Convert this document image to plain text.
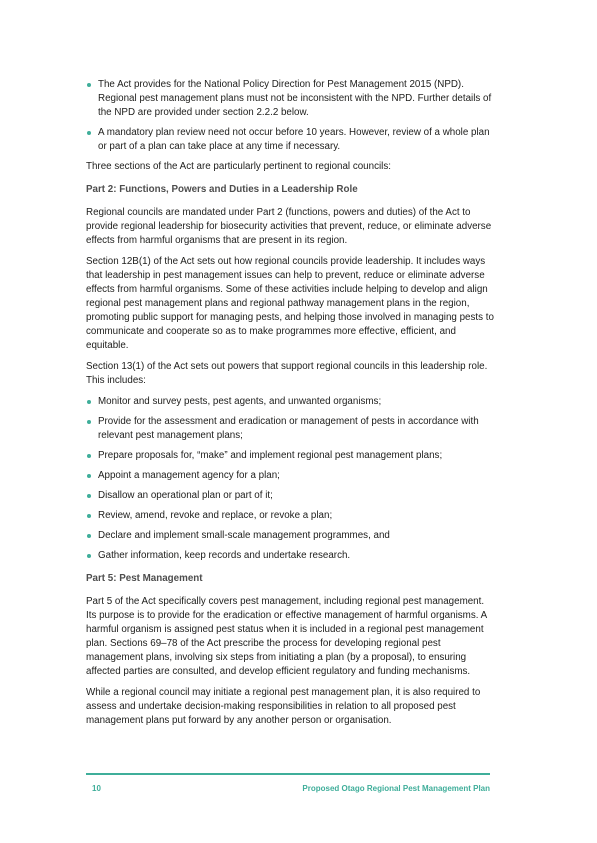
The Act provides for the National Policy Direction for Pest Management 2015 (NPD). Regional pest management plans must not be inconsistent with the NPD. Further details of the NPD are provided under section 2.2.2 below.
A mandatory plan review need not occur before 10 years. However, review of a whole plan or part of a plan can take place at any time if necessary.

Three sections of the Act are particularly pertinent to regional councils:

Part 2: Functions, Powers and Duties in a Leadership Role

Regional councils are mandated under Part 2 (functions, powers and duties) of the Act to provide regional leadership for biosecurity activities that prevent, reduce, or eliminate adverse effects from harmful organisms that are present in its region.

Section 12B(1) of the Act sets out how regional councils provide leadership. It includes ways that leadership in pest management issues can help to prevent, reduce or eliminate adverse effects from harmful organisms. Some of these activities include helping to develop and align regional pest management plans and regional pathway management plans in the region, promoting public support for managing pests, and helping those involved in managing pests to communicate and cooperate so as to make programmes more effective, efficient, and equitable.

Section 13(1) of the Act sets out powers that support regional councils in this leadership role. This includes:

Monitor and survey pests, pest agents, and unwanted organisms;
Provide for the assessment and eradication or management of pests in accordance with relevant pest management plans;
Prepare proposals for, “make” and implement regional pest management plans;
Appoint a management agency for a plan;
Disallow an operational plan or part of it;
Review, amend, revoke and replace, or revoke a plan;
Declare and implement small-scale management programmes, and
Gather information, keep records and undertake research.
Part 5: Pest Management

Part 5 of the Act specifically covers pest management, including regional pest management. Its purpose is to provide for the eradication or effective management of harmful organisms. A harmful organism is assigned pest status when it is included in a regional pest management plan. Sections 69–78 of the Act prescribe the process for developing regional pest management plans, involving six steps from initiating a plan (by a proposal), to ensuring affected parties are consulted, and develop efficient regulatory and funding mechanisms.

While a regional council may initiate a regional pest management plan, it is also required to assess and undertake decision-making responsibilities in relation to all proposed pest management plans put forward by any another person or organisation.

10	Proposed Otago Regional Pest Management Plan
